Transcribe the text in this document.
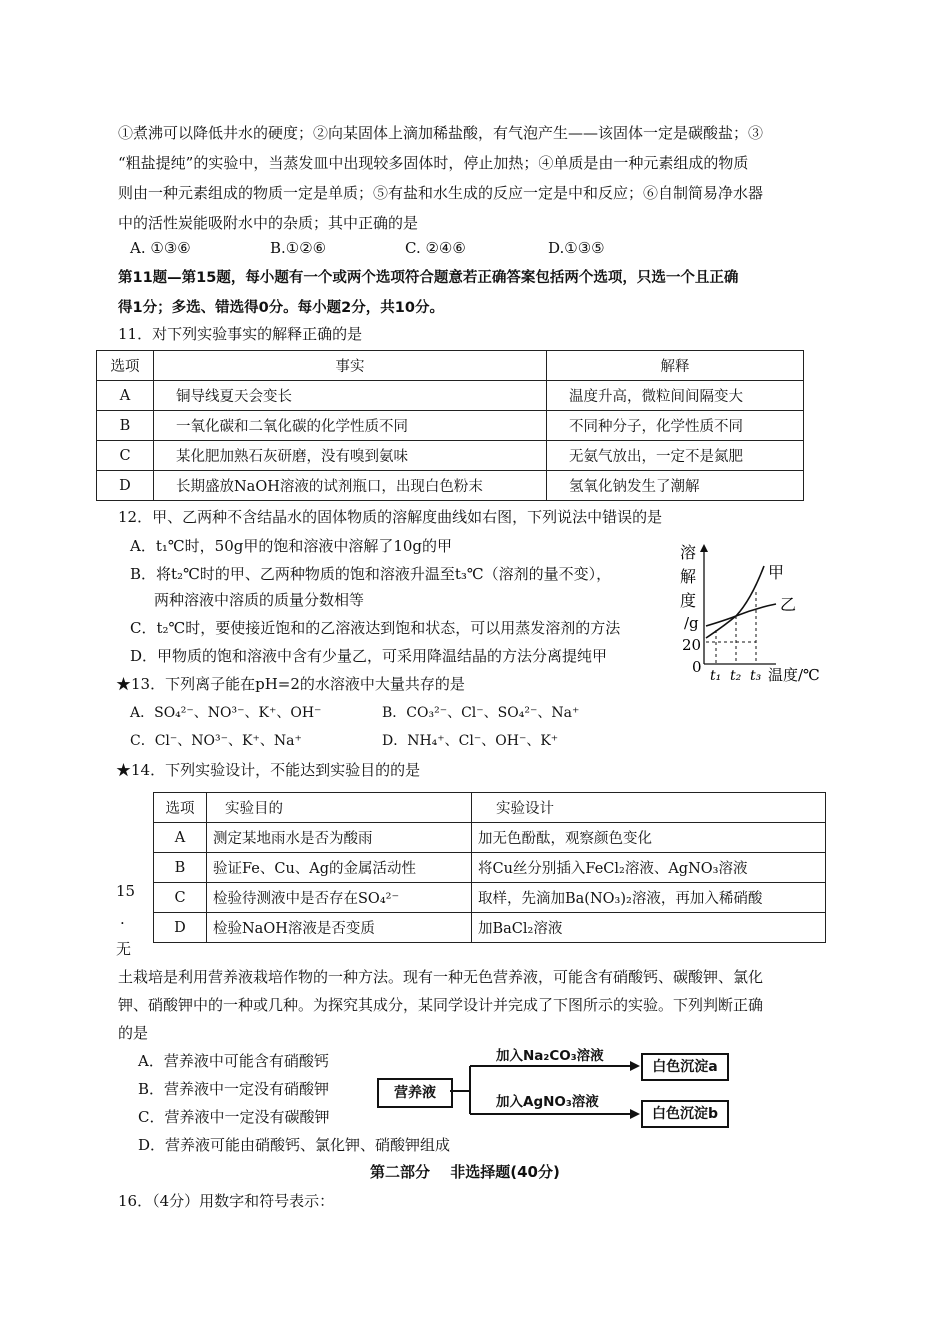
①煮沸可以降低井水的硬度；②向某固体上滴加稀盐酸，有气泡产生——该固体一定是碳酸盐；③
“粗盐提纯”的实验中，当蒸发皿中出现较多固体时，停止加热；④单质是由一种元素组成的物质
则由一种元素组成的物质一定是单质；⑤有盐和水生成的反应一定是中和反应；⑥自制简易净水器
中的活性炭能吸附水中的杂质；其中正确的是
A. ①③⑥	B.①②⑥	C. ②④⑥	D.①③⑤
第11题—第15题，每小题有一个或两个选项符合题意若正确答案包括两个选项，只选一个且正确
得1分；多选、错选得0分。每小题2分，共10分。
11．对下列实验事实的解释正确的是
选项	事实	解释
A	铜导线夏天会变长	温度升高，微粒间间隔变大
B	一氧化碳和二氧化碳的化学性质不同	不同种分子，化学性质不同
C	某化肥加熟石灰研磨，没有嗅到氨味	无氨气放出，一定不是氮肥
D	长期盛放NaOH溶液的试剂瓶口，出现白色粉末	氢氧化钠发生了潮解
12．甲、乙两种不含结晶水的固体物质的溶解度曲线如右图，下列说法中错误的是
A．t₁℃时，50g甲的饱和溶液中溶解了10g的甲
B．将t₂℃时的甲、乙两种物质的饱和溶液升温至t₃℃（溶剂的量不变），
两种溶液中溶质的质量分数相等
C．t₂℃时，要使接近饱和的乙溶液达到饱和状态，可以用蒸发溶剂的方法
D．甲物质的饱和溶液中含有少量乙，可采用降温结晶的方法分离提纯甲
溶
解
度
/g
20
0
甲
乙
t₁ t₂ t₃ 温度/℃
★13．下列离子能在pH=2的水溶液中大量共存的是
A．SO₄²⁻、NO³⁻、K⁺、OH⁻	B．CO₃²⁻、Cl⁻、SO₄²⁻、Na⁺
C．Cl⁻、NO³⁻、K⁺、Na⁺	D．NH₄⁺、Cl⁻、OH⁻、K⁺
★14．下列实验设计，不能达到实验目的的是
选项	实验目的	实验设计
A	测定某地雨水是否为酸雨	加无色酚酞，观察颜色变化
B	验证Fe、Cu、Ag的金属活动性	将Cu丝分别插入FeCl₂溶液、AgNO₃溶液
C	检验待测液中是否存在SO₄²⁻	取样，先滴加Ba(NO₃)₂溶液，再加入稀硝酸
D	检验NaOH溶液是否变质	加BaCl₂溶液
15
.
无
土栽培是利用营养液栽培作物的一种方法。现有一种无色营养液，可能含有硝酸钙、碳酸钾、氯化
钾、硝酸钾中的一种或几种。为探究其成分，某同学设计并完成了下图所示的实验。下列判断正确
的是
A．营养液中可能含有硝酸钙
B．营养液中一定没有硝酸钾
C．营养液中一定没有碳酸钾
D．营养液可能由硝酸钙、氯化钾、硝酸钾组成
营养液
加入Na₂CO₃溶液
加入AgNO₃溶液
白色沉淀a
白色沉淀b
第二部分　 非选择题(40分)
16．（4分）用数字和符号表示：
